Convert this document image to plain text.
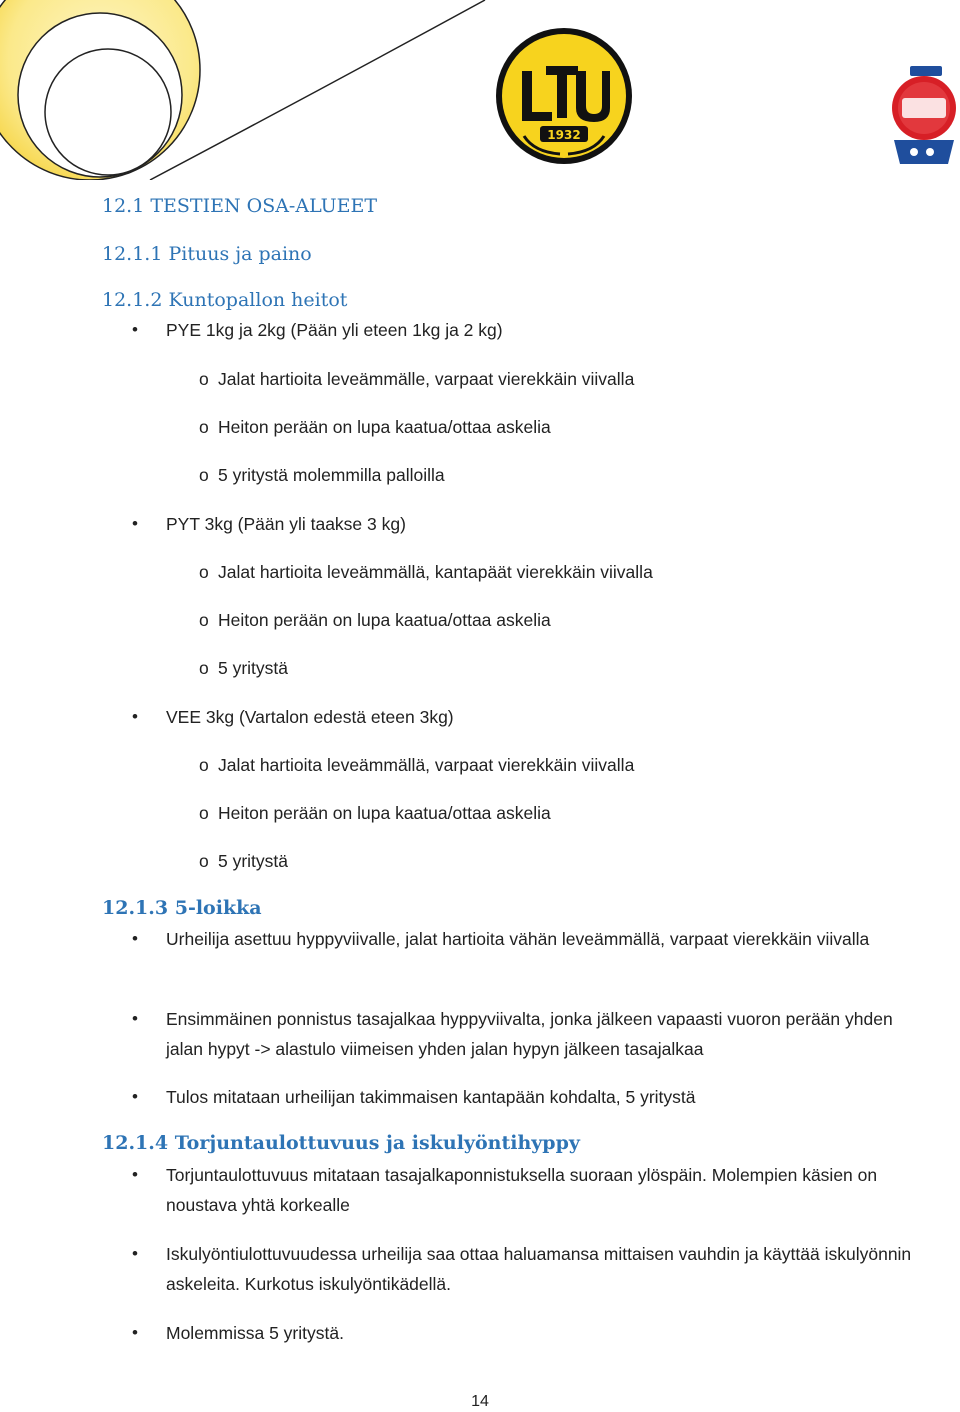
1932
12.1 TESTIEN OSA-ALUEET
12.1.1 Pituus ja paino
12.1.2 Kuntopallon heitot
•	PYE 1kg ja 2kg (Pään yli eteen 1kg ja 2 kg)
o Jalat hartioita leveämmälle, varpaat vierekkäin viivalla
o Heiton perään on lupa kaatua/ottaa askelia
o 5 yritystä molemmilla palloilla
•	PYT 3kg (Pään yli taakse 3 kg)
o Jalat hartioita leveämmällä, kantapäät vierekkäin viivalla
o Heiton perään on lupa kaatua/ottaa askelia
o 5 yritystä
•	VEE 3kg (Vartalon edestä eteen 3kg)
o Jalat hartioita leveämmällä, varpaat vierekkäin viivalla
o Heiton perään on lupa kaatua/ottaa askelia
o 5 yritystä
12.1.3 5-loikka
• Urheilija asettuu hyppyviivalle, jalat hartioita vähän leveämmällä, varpaat vierekkäin viivalla
• Ensimmäinen ponnistus tasajalkaa hyppyviivalta, jonka jälkeen vapaasti vuoron perään yhden jalan hypyt -> alastulo viimeisen yhden jalan hypyn jälkeen tasajalkaa
• Tulos mitataan urheilijan takimmaisen kantapään kohdalta, 5 yritystä
12.1.4 Torjuntaulottuvuus ja iskulyöntihyppy
• Torjuntaulottuvuus mitataan tasajalkaponnistuksella suoraan ylöspäin. Molempien käsien on noustava yhtä korkealle
• Iskulyöntiulottuvuudessa urheilija saa ottaa haluamansa mittaisen vauhdin ja käyttää iskulyönnin askeleita. Kurkotus iskulyöntikädellä.
• Molemmissa 5 yritystä.
14
